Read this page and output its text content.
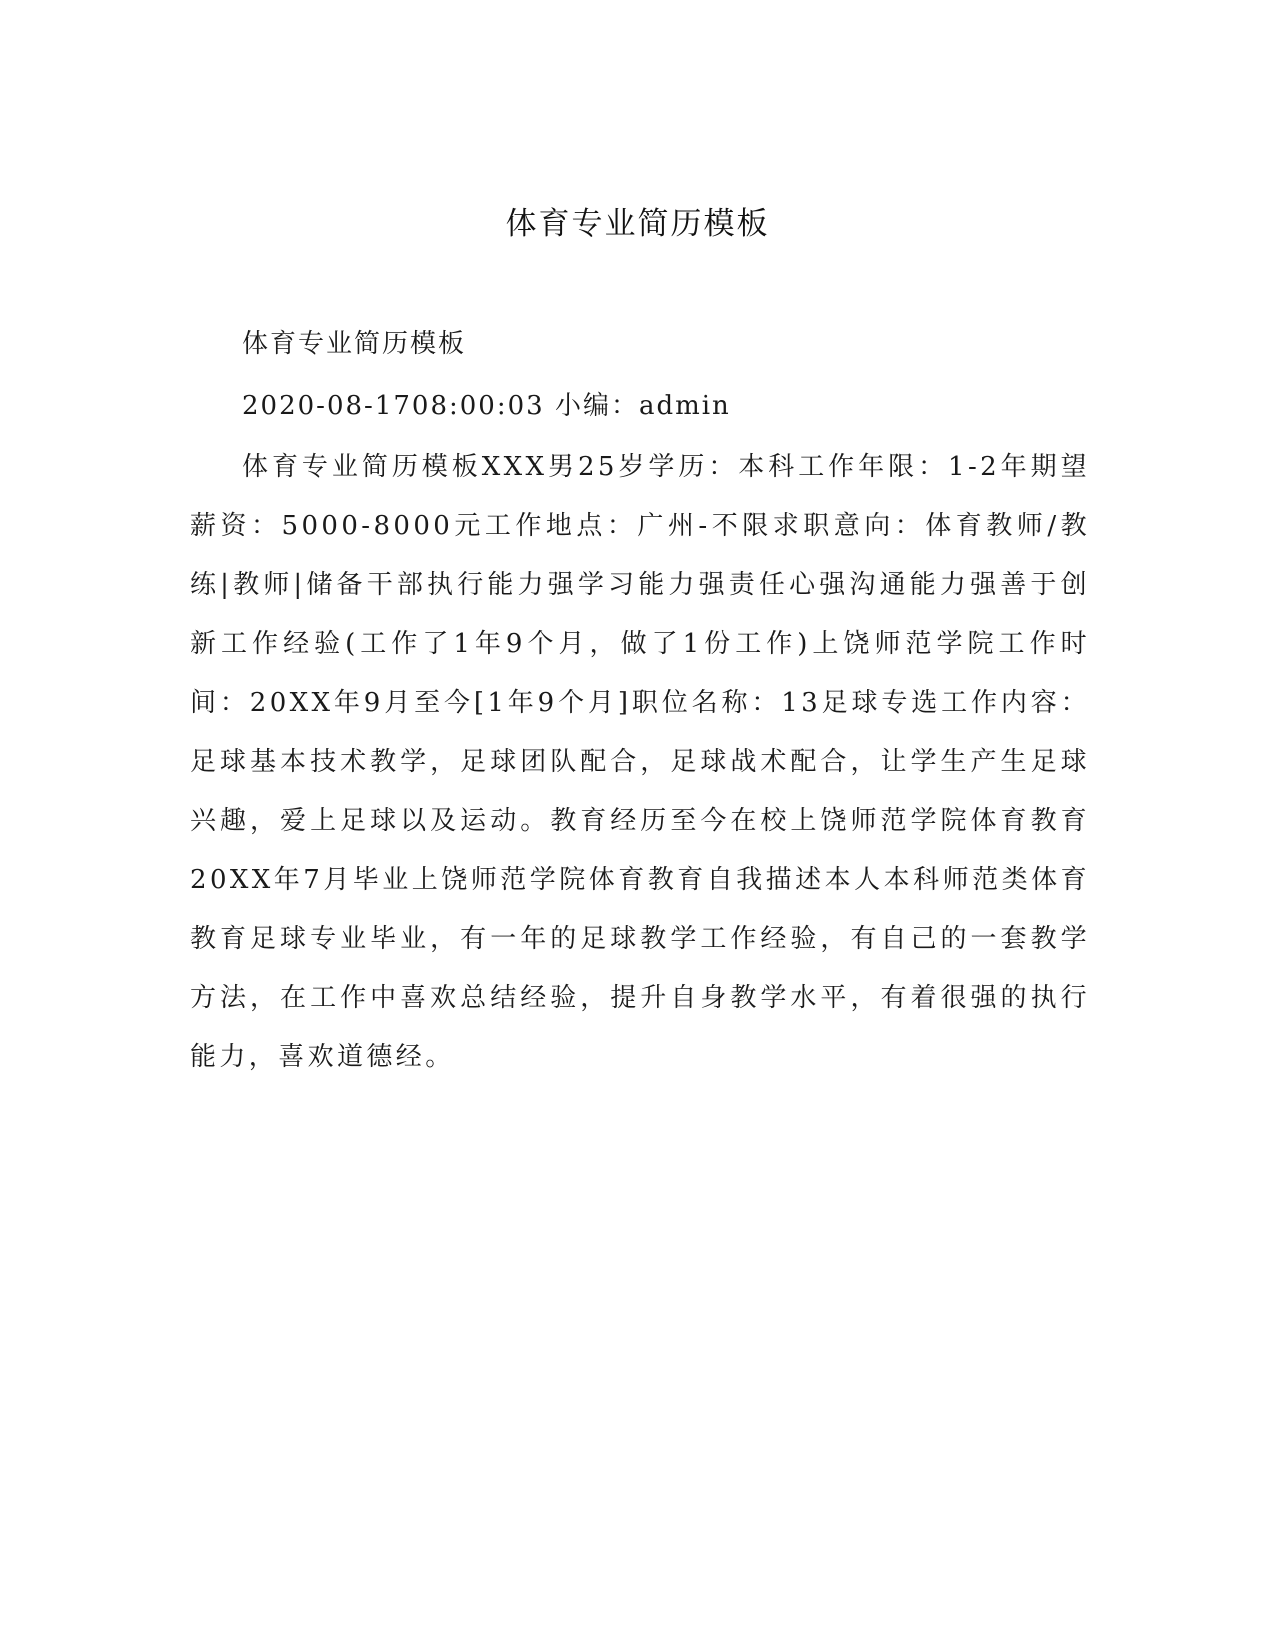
体育专业简历模板

体育专业简历模板

2020-08-1708:00:03 小编：admin

体育专业简历模板XXX男25岁学历：本科工作年限：1-2年期望薪资：5000-8000元工作地点：广州-不限求职意向：体育教师/教练|教师|储备干部执行能力强学习能力强责任心强沟通能力强善于创新工作经验(工作了1年9个月，做了1份工作)上饶师范学院工作时间：20XX年9月至今[1年9个月]职位名称：13足球专选工作内容：足球基本技术教学，足球团队配合，足球战术配合，让学生产生足球兴趣，爱上足球以及运动。教育经历至今在校上饶师范学院体育教育20XX年7月毕业上饶师范学院体育教育自我描述本人本科师范类体育教育足球专业毕业，有一年的足球教学工作经验，有自己的一套教学方法，在工作中喜欢总结经验，提升自身教学水平，有着很强的执行能力，喜欢道德经。
